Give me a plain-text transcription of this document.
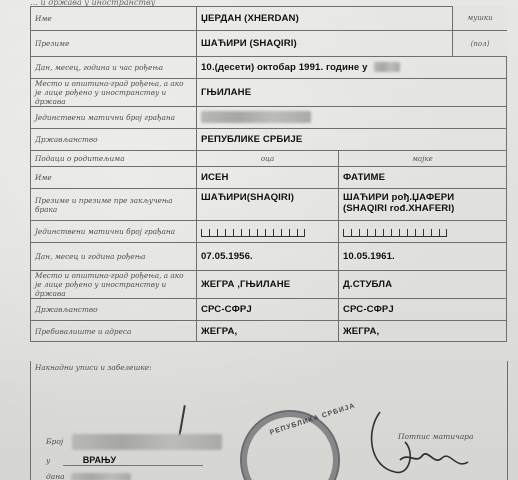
… и држава у иностранству
Име	ЏЕРДАН (XHERDAN)		
Презиме	ШАЋИРИ (SHAQIRI)		
Дан, месец, година и час рођења	10.(десети) октобар 1991. године у		
Место и општина-град рођења, а ако је лице рођено у иностранству и држава	ГЊИЛАНЕ		
Јединствени матични број грађана			
Држављанство	РЕПУБЛИКЕ СРБИЈЕ		
Подаци о родитељима	оца	мајке	
Име	ИСЕН	ФАТИМЕ	
Презиме и презиме пре закључења брака	ШАЋИРИ(SHAQIRI)	ШАЋИРИ рођ.ЏАФЕРИ
(SHAQIRI rođ.XHAFERI)	

Јединствени матични број грађана		

Дан, месец и година рођења	07.05.1956.	10.05.1961.	
Место и општина-град рођења, а ако је лице рођено у иностранству и држава	ЖЕГРА ,ГЊИЛАНЕ	Д.СТУБЛА	
Држављанство	СРС-СФРЈ	СРС-СФРЈ	
Пребивалиште и адреса	ЖЕГРА,	ЖЕГРА,	
мушки
(пол)
Накнадни уписи и забелешке:
Број
у	ВРАЊУ
дана
РЕПУБЛИКА СРБИЈА	Потпис матичара
